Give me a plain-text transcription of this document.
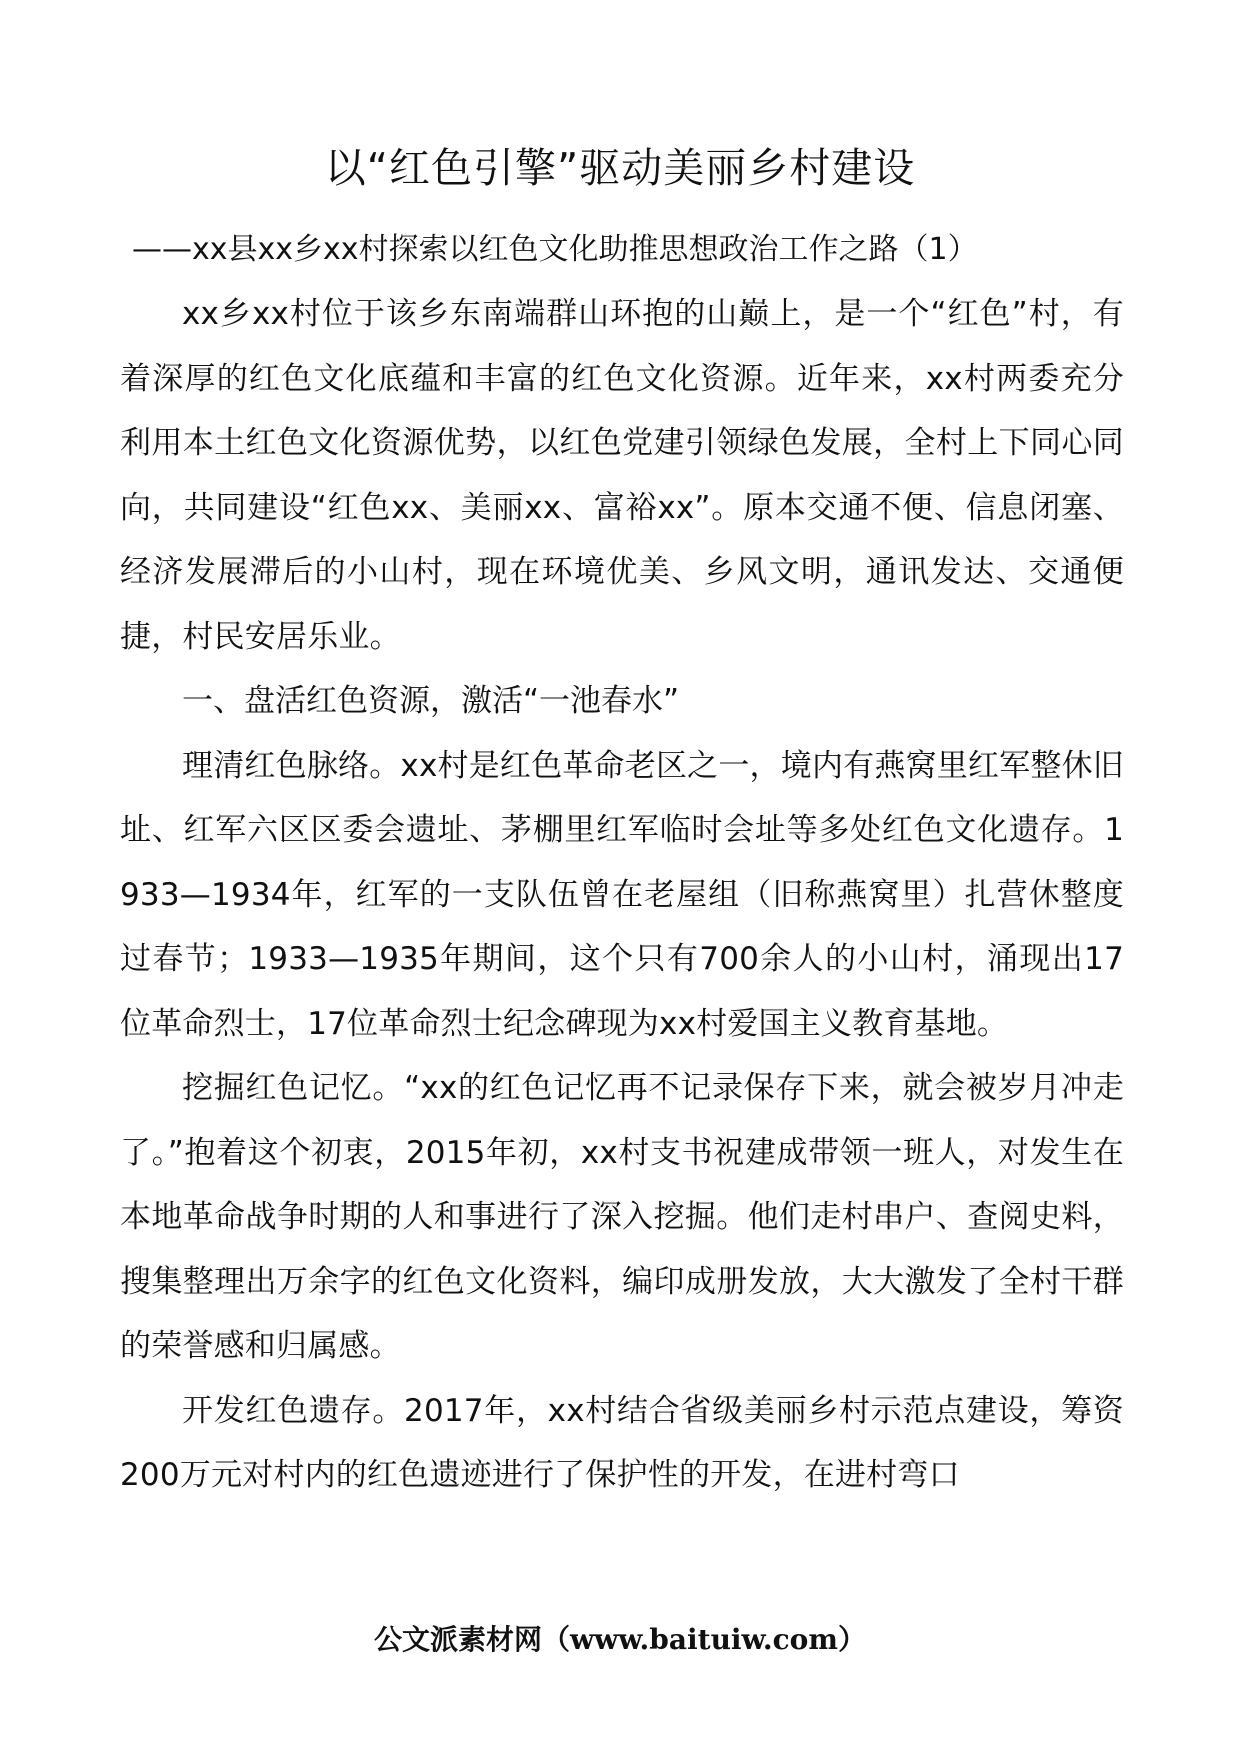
以“红色引擎”驱动美丽乡村建设
——xx县xx乡xx村探索以红色文化助推思想政治工作之路（1）

xx乡xx村位于该乡东南端群山环抱的山巅上，是一个“红色”村，有着深厚的红色文化底蕴和丰富的红色文化资源。近年来，xx村两委充分利用本土红色文化资源优势，以红色党建引领绿色发展，全村上下同心同向，共同建设“红色xx、美丽xx、富裕xx”。原本交通不便、信息闭塞、经济发展滞后的小山村，现在环境优美、乡风文明，通讯发达、交通便捷，村民安居乐业。

一、盘活红色资源，激活“一池春水”

理清红色脉络。xx村是红色革命老区之一，境内有燕窝里红军整休旧址、红军六区区委会遗址、茅棚里红军临时会址等多处红色文化遗存。1933—1934年，红军的一支队伍曾在老屋组（旧称燕窝里）扎营休整度过春节；1933—1935年期间，这个只有700余人的小山村，涌现出17位革命烈士，17位革命烈士纪念碑现为xx村爱国主义教育基地。

挖掘红色记忆。“xx的红色记忆再不记录保存下来，就会被岁月冲走了。”抱着这个初衷，2015年初，xx村支书祝建成带领一班人，对发生在本地革命战争时期的人和事进行了深入挖掘。他们走村串户、查阅史料，搜集整理出万余字的红色文化资料，编印成册发放，大大激发了全村干群的荣誉感和归属感。

开发红色遗存。2017年，xx村结合省级美丽乡村示范点建设，筹资200万元对村内的红色遗迹进行了保护性的开发，在进村弯口

公文派素材网（www.baituiw.com）
